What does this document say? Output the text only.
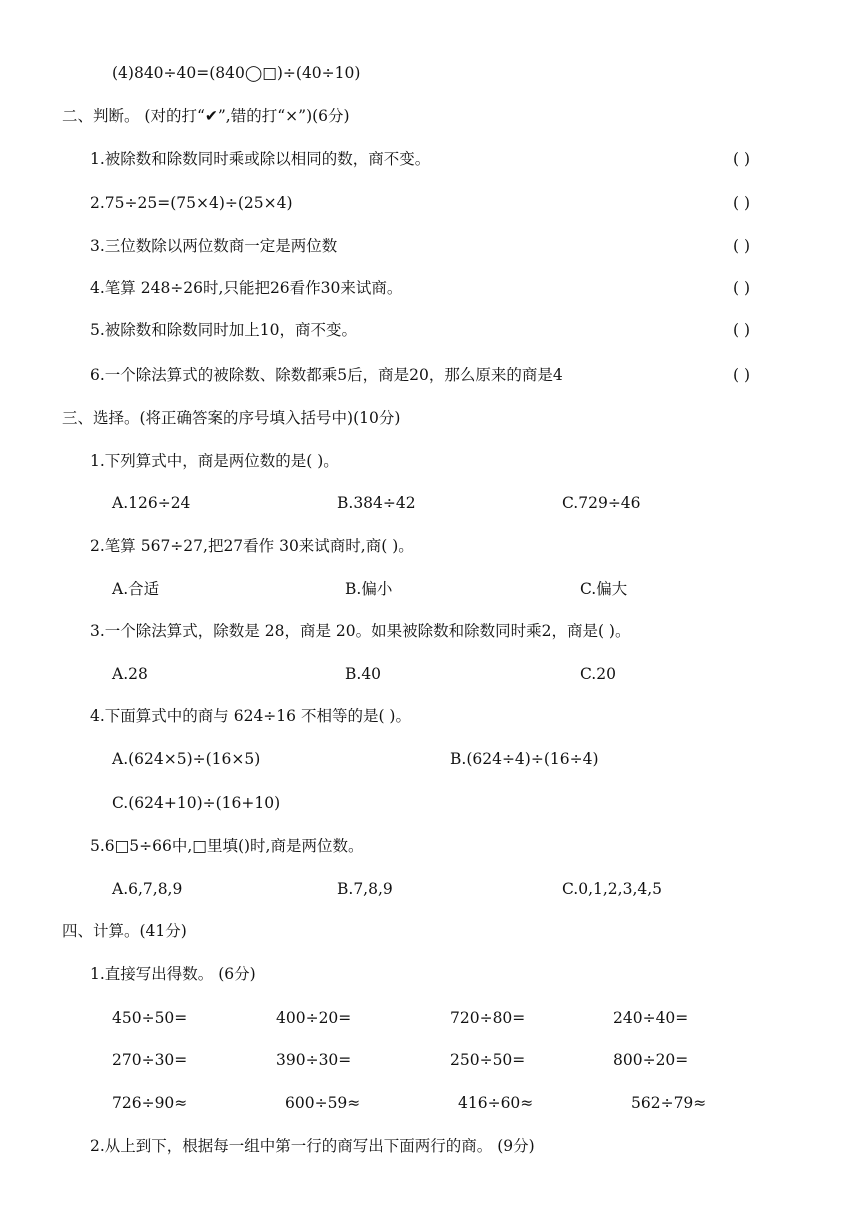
(4)840÷40=(840◯□)÷(40÷10)
二、判断。 (对的打“✔”,错的打“×”)(6分)
1.被除数和除数同时乘或除以相同的数，商不变。	( )
2.75÷25=(75×4)÷(25×4)	( )
3.三位数除以两位数商一定是两位数	( )
4.笔算 248÷26时,只能把26看作30来试商。	( )
5.被除数和除数同时加上10，商不变。	( )
6.一个除法算式的被除数、除数都乘5后，商是20，那么原来的商是4	( )
三、选择。(将正确答案的序号填入括号中)(10分)
1.下列算式中，商是两位数的是( )。
A.126÷24	B.384÷42	C.729÷46
2.笔算 567÷27,把27看作 30来试商时,商( )。
A.合适	B.偏小	C.偏大
3.一个除法算式，除数是 28，商是 20。如果被除数和除数同时乘2，商是( )。
A.28	B.40	C.20
4.下面算式中的商与 624÷16 不相等的是( )。
A.(624×5)÷(16×5)	B.(624÷4)÷(16÷4)
C.(624+10)÷(16+10)
5.6□5÷66中,□里填()时,商是两位数。
A.6,7,8,9	B.7,8,9	C.0,1,2,3,4,5
四、计算。(41分)
1.直接写出得数。 (6分)
450÷50=	400÷20=	720÷80=	240÷40=
270÷30=	390÷30=	250÷50=	800÷20=
726÷90≈	600÷59≈	416÷60≈	562÷79≈
2.从上到下，根据每一组中第一行的商写出下面两行的商。 (9分)
